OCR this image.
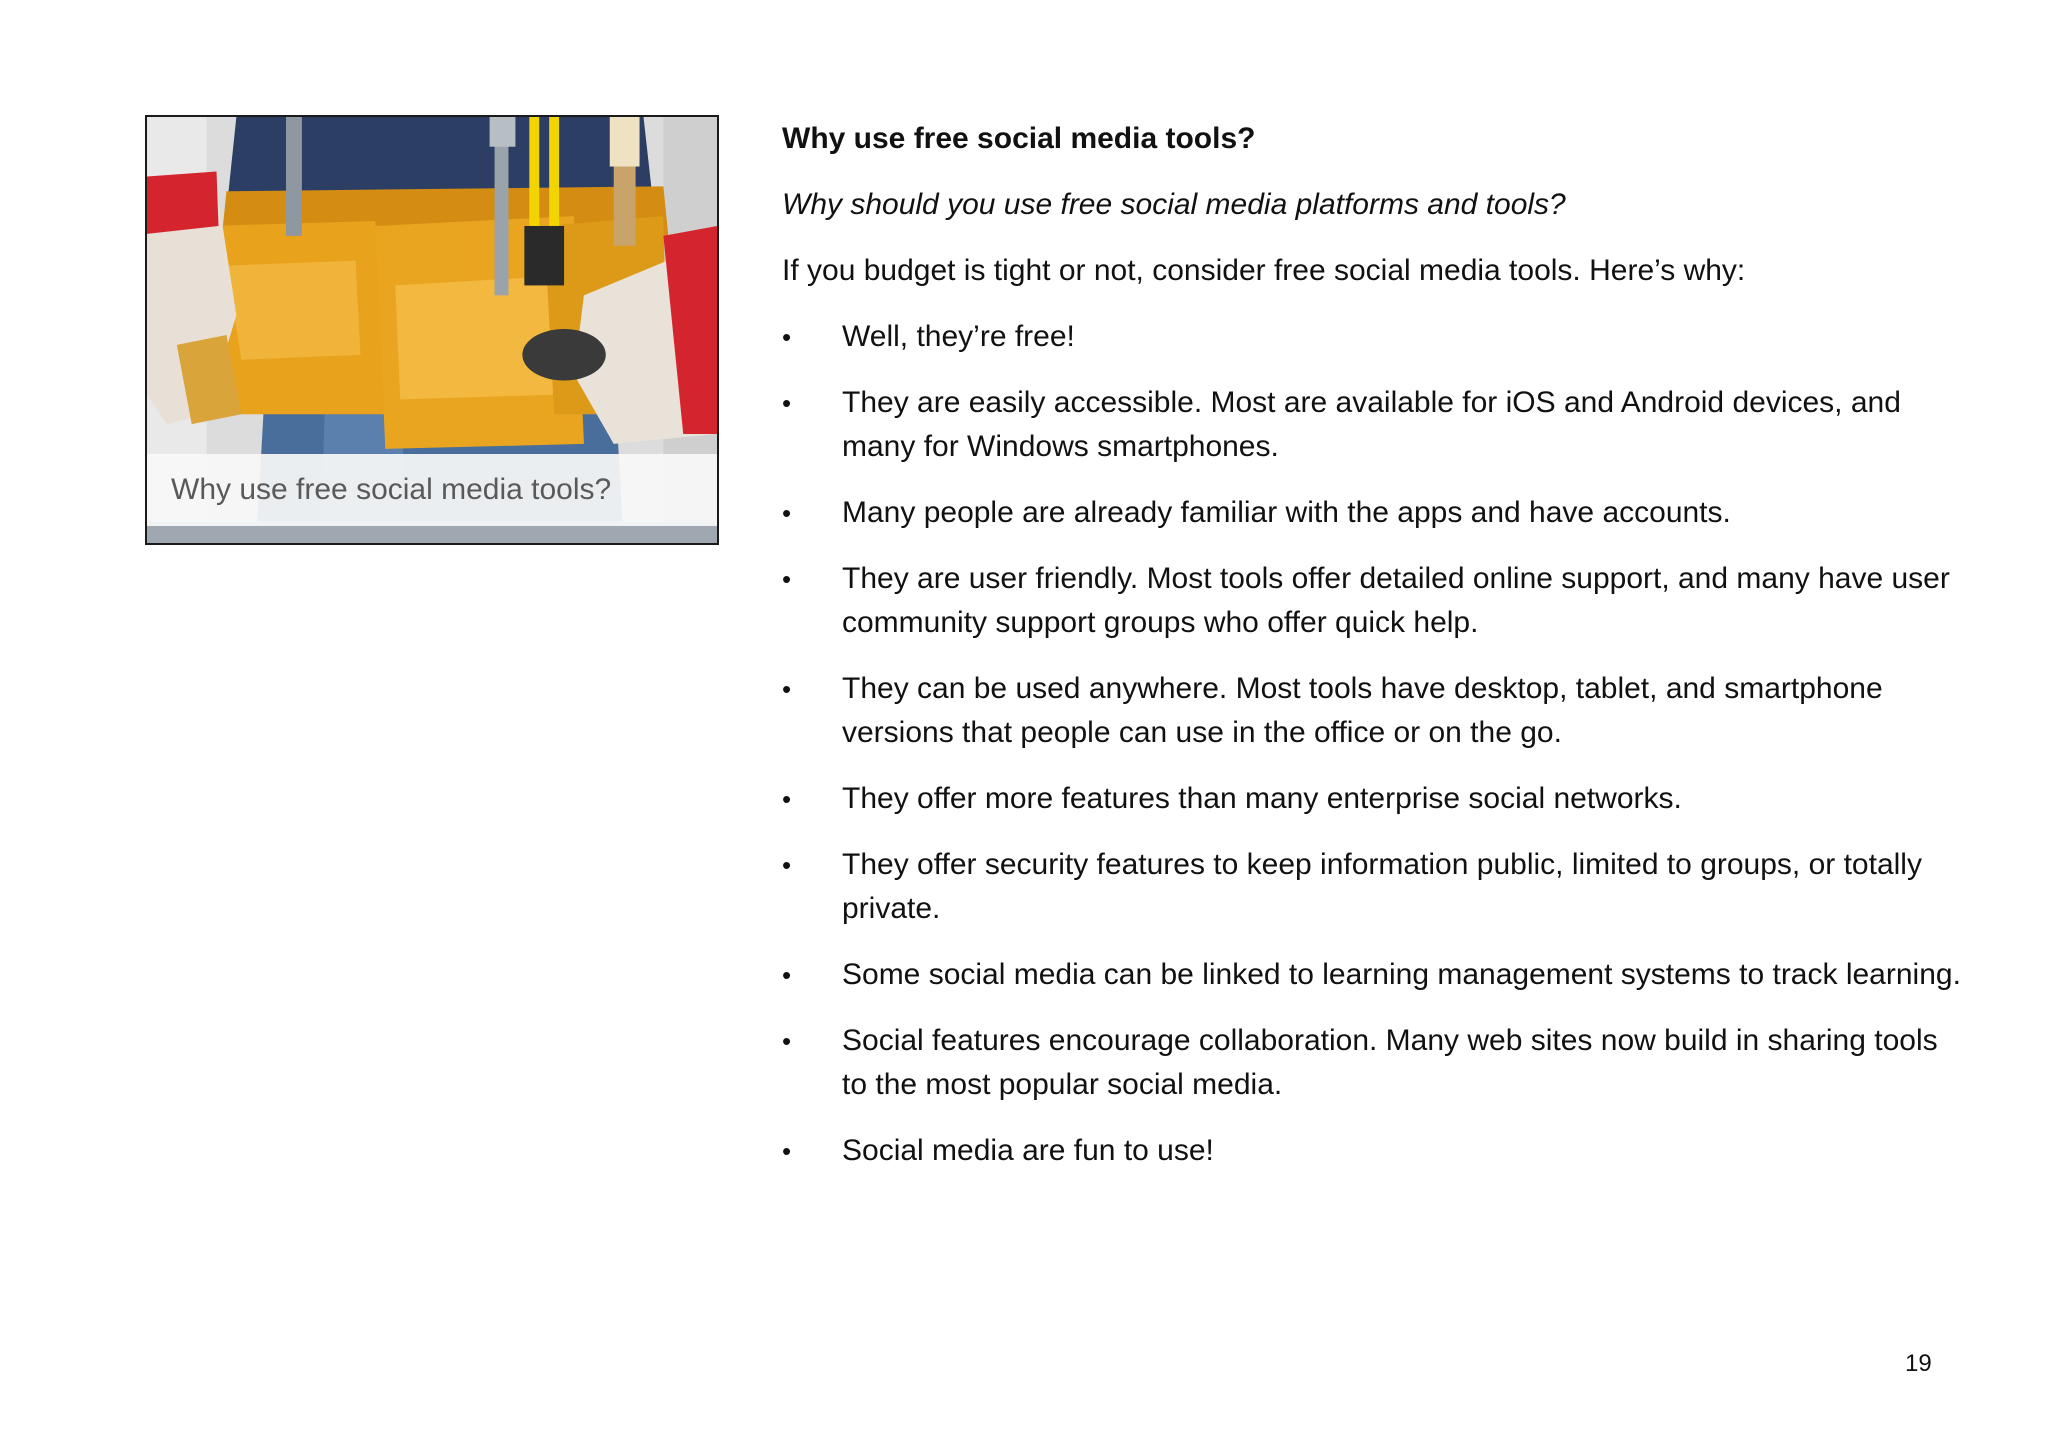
Why use free social media tools?
Why use free social media tools?
Why should you use free social media platforms and tools?
If you budget is tight or not, consider free social media tools. Here’s why:
• Well, they’re free!
• They are easily accessible. Most are available for iOS and Android devices, and many for Windows smartphones.
• Many people are already familiar with the apps and have accounts.
• They are user friendly. Most tools offer detailed online support, and many have user community support groups who offer quick help.
• They can be used anywhere. Most tools have desktop, tablet, and smartphone versions that people can use in the office or on the go.
• They offer more features than many enterprise social networks.
• They offer security features to keep information public, limited to groups, or totally private.
• Some social media can be linked to learning management systems to track learning.
• Social features encourage collaboration. Many web sites now build in sharing tools to the most popular social media.
• Social media are fun to use!
19
